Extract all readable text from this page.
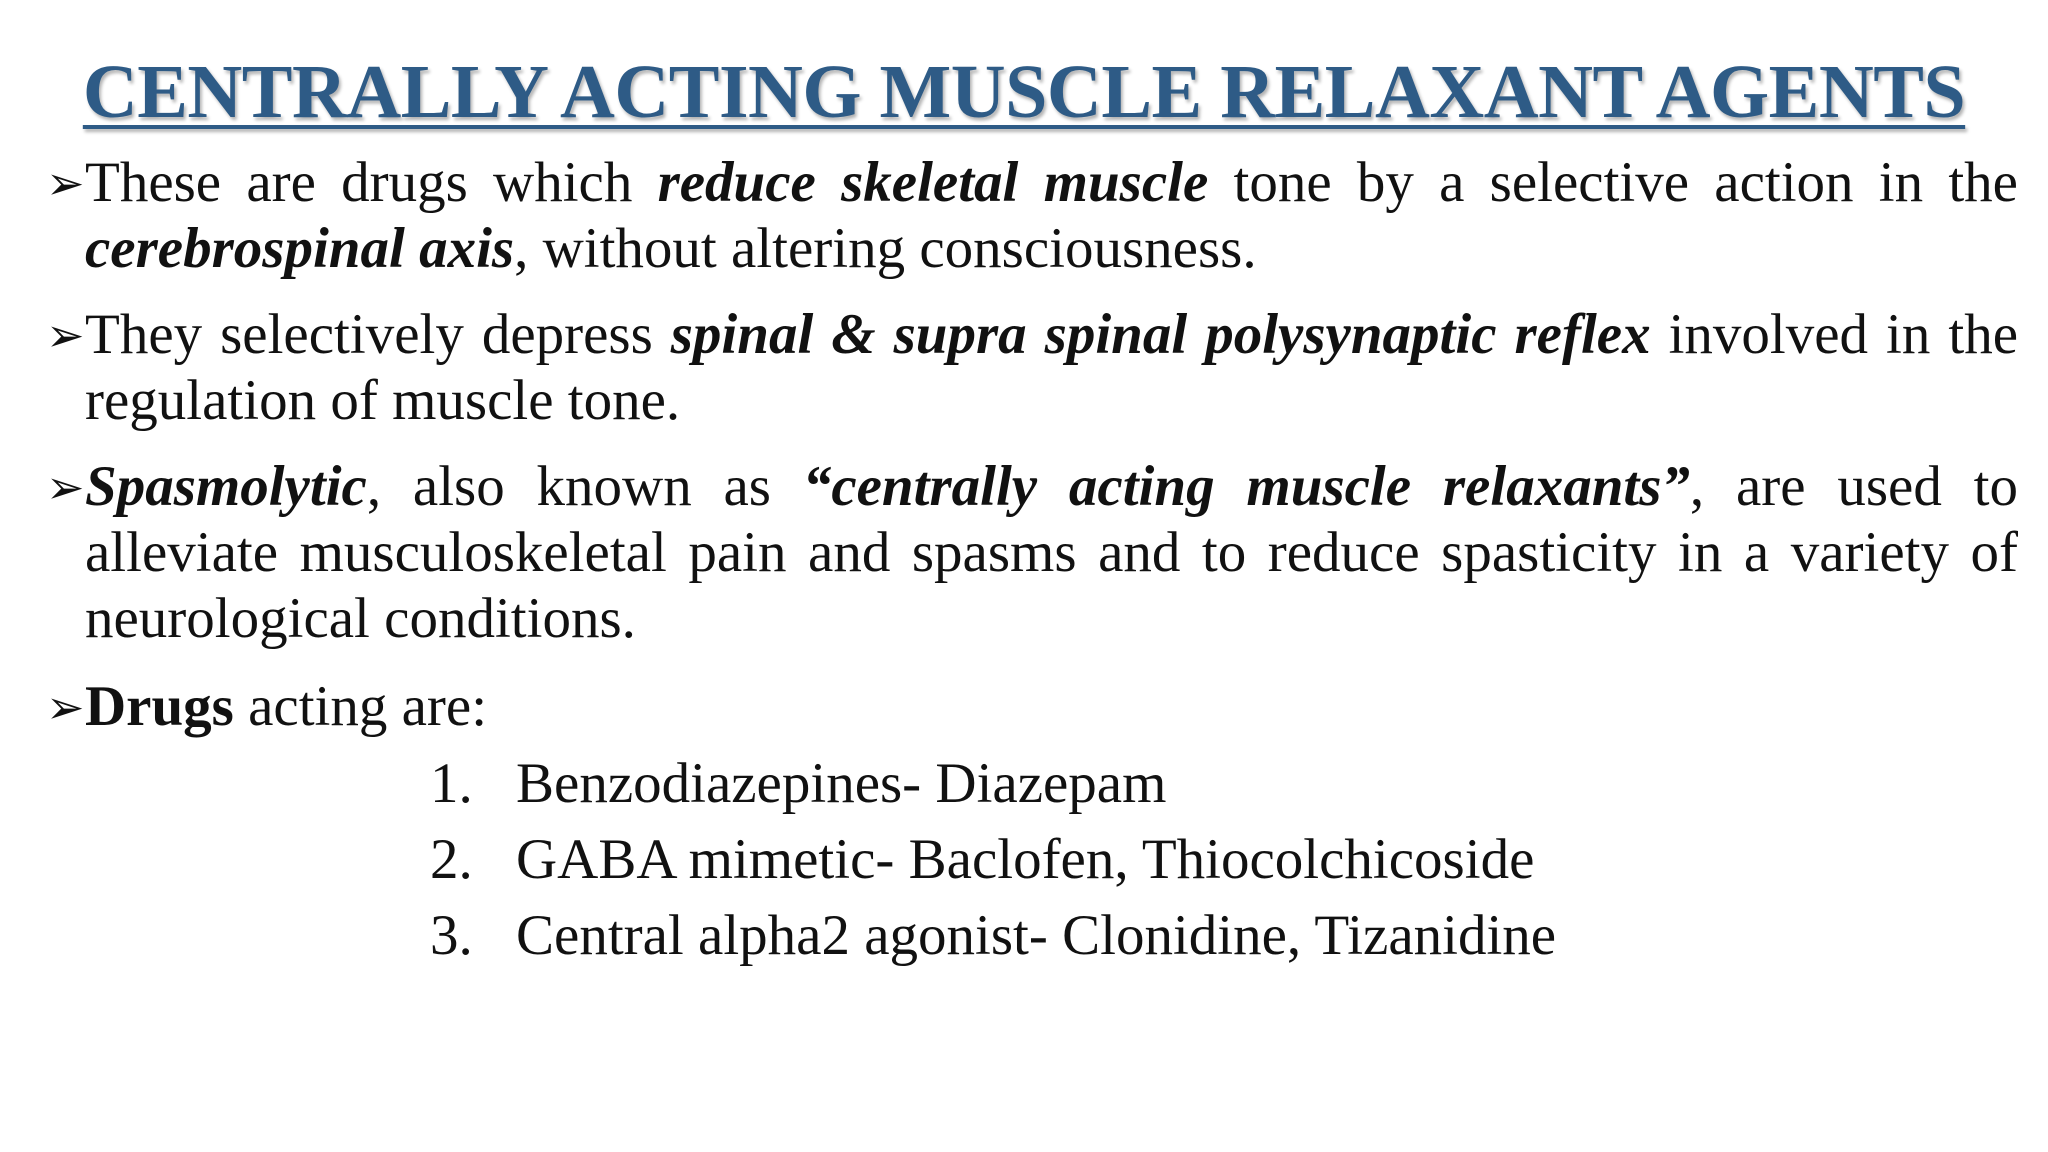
CENTRALLY ACTING MUSCLE RELAXANT AGENTS
➢ These are drugs which reduce skeletal muscle tone by a selective action in the cerebrospinal axis, without altering consciousness.
➢ They selectively depress spinal & supra spinal polysynaptic reflex involved in the regulation of muscle tone.
➢ Spasmolytic, also known as “centrally acting muscle relaxants”, are used to alleviate musculoskeletal pain and spasms and to reduce spasticity in a variety of neurological conditions.
➢ Drugs acting are:
1. Benzodiazepines- Diazepam
2. GABA mimetic- Baclofen, Thiocolchicoside
3. Central alpha2 agonist- Clonidine, Tizanidine
